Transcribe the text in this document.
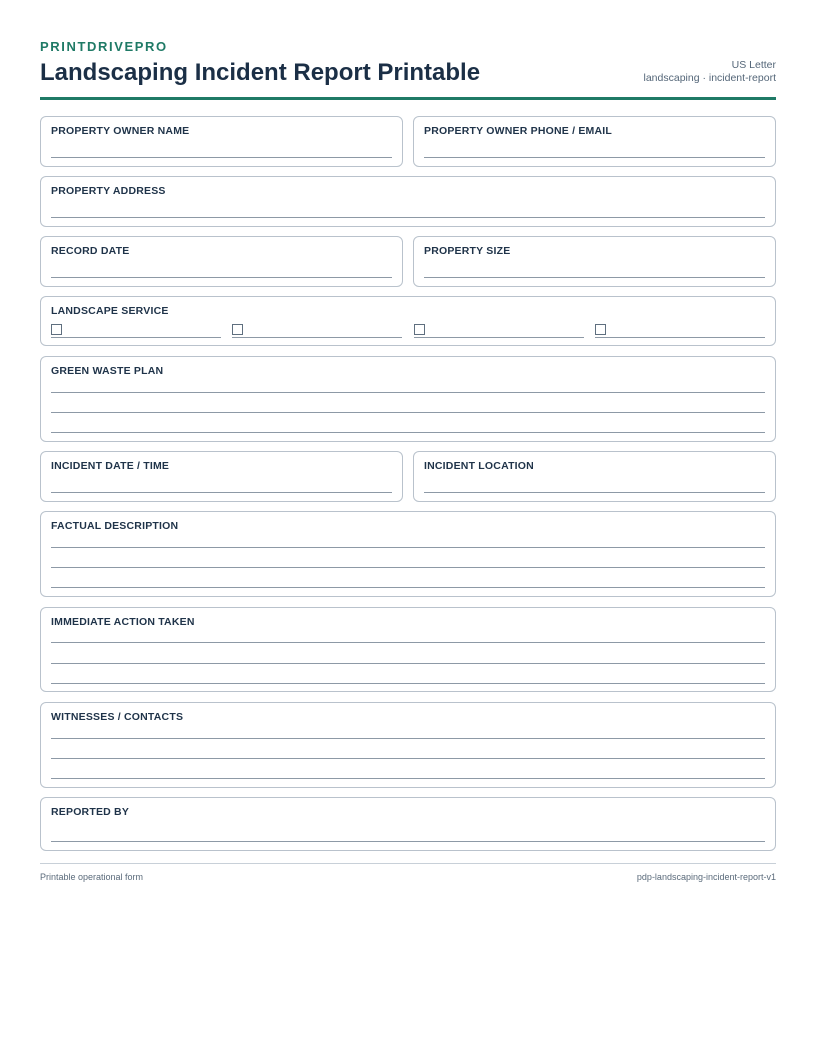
PRINTDRIVEPRO
Landscaping Incident Report Printable	US Letter
landscaping · incident-report
PROPERTY OWNER NAME	PROPERTY OWNER PHONE / EMAIL
PROPERTY ADDRESS
RECORD DATE	PROPERTY SIZE
LANDSCAPE SERVICE
GREEN WASTE PLAN
INCIDENT DATE / TIME	INCIDENT LOCATION
FACTUAL DESCRIPTION
IMMEDIATE ACTION TAKEN
WITNESSES / CONTACTS
REPORTED BY
Printable operational form	pdp-landscaping-incident-report-v1
